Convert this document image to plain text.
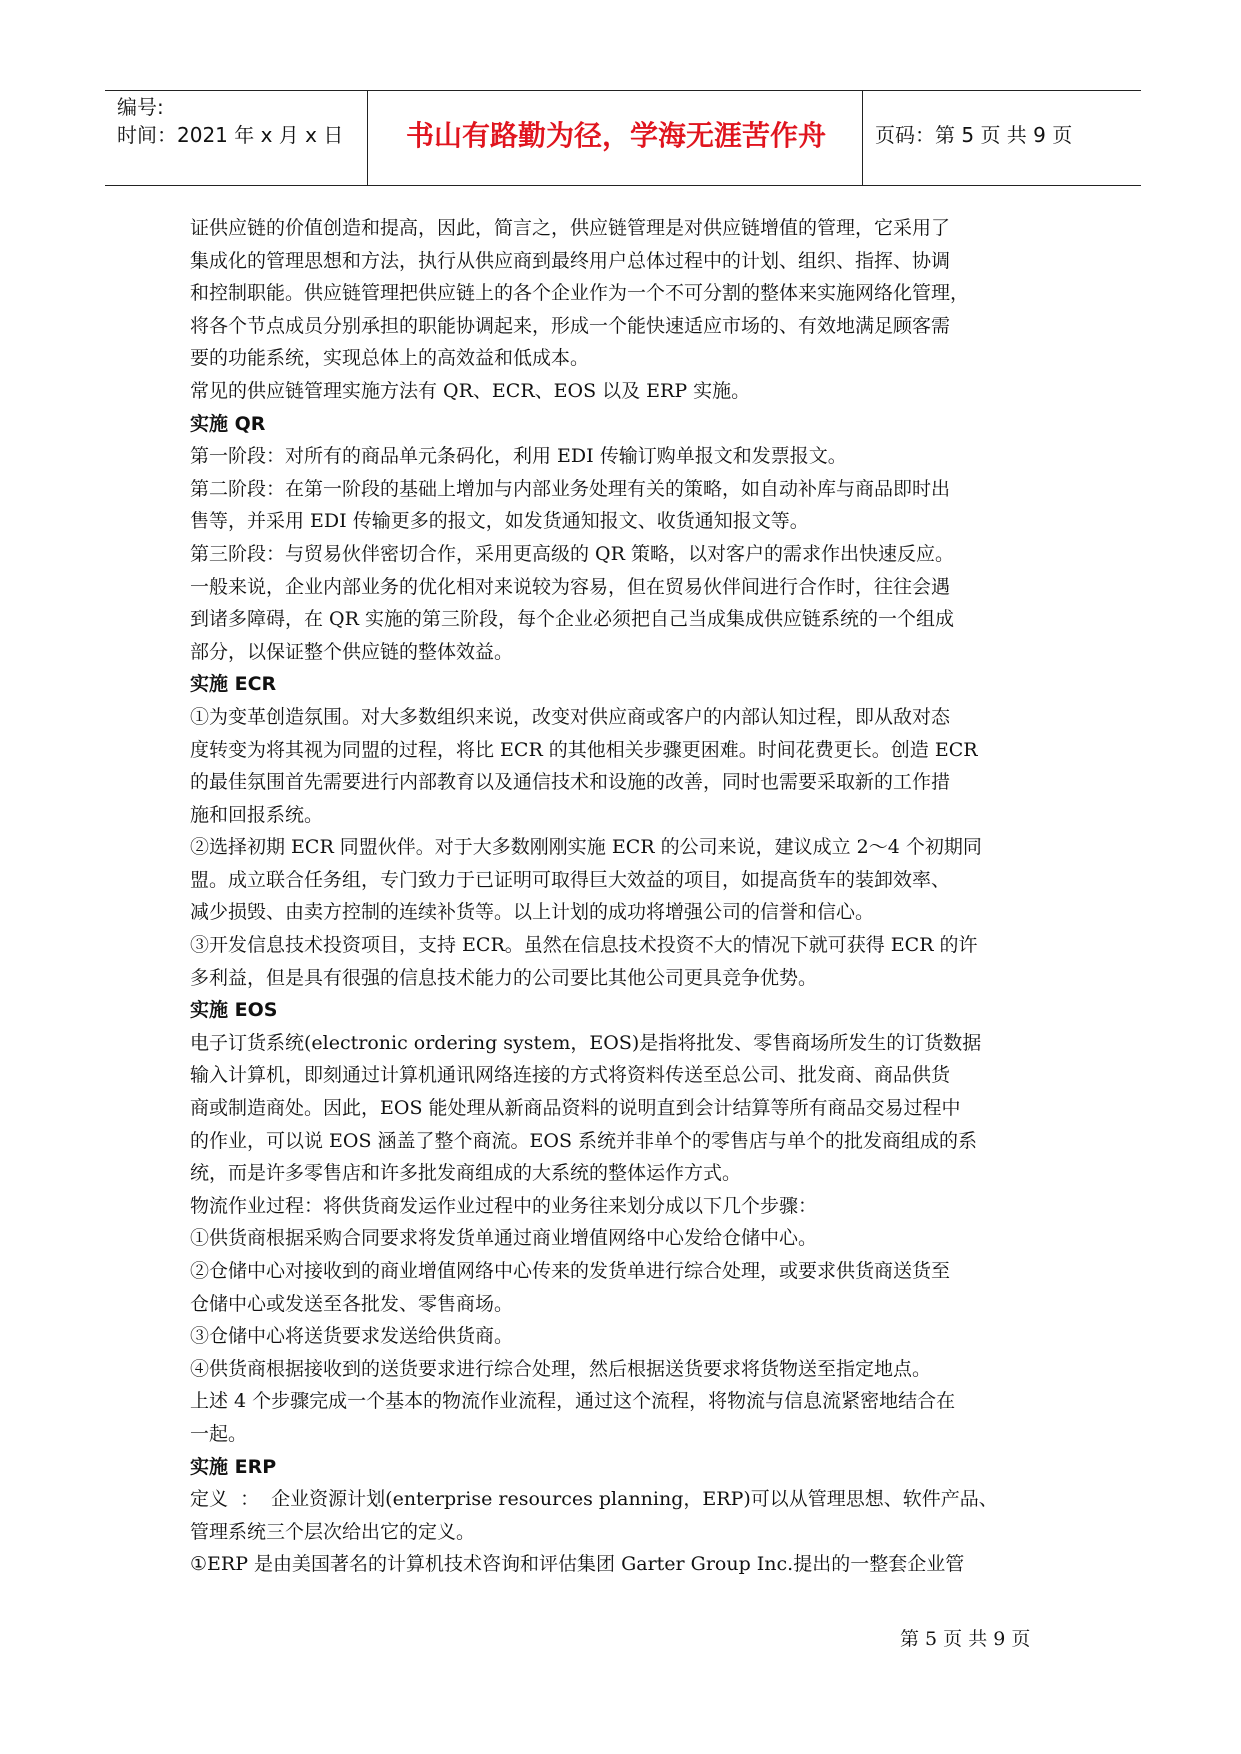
编号:
时间：2021 年 x 月 x 日	书山有路勤为径，学海无涯苦作舟	页码：第 5 页 共 9 页

证供应链的价值创造和提高，因此，简言之，供应链管理是对供应链增值的管理，它采用了

集成化的管理思想和方法，执行从供应商到最终用户总体过程中的计划、组织、指挥、协调

和控制职能。供应链管理把供应链上的各个企业作为一个不可分割的整体来实施网络化管理，

将各个节点成员分别承担的职能协调起来，形成一个能快速适应市场的、有效地满足顾客需

要的功能系统，实现总体上的高效益和低成本。

常见的供应链管理实施方法有 QR、ECR、EOS 以及 ERP 实施。

实施 QR

第一阶段：对所有的商品单元条码化，利用 EDI 传输订购单报文和发票报文。

第二阶段：在第一阶段的基础上增加与内部业务处理有关的策略，如自动补库与商品即时出

售等，并采用 EDI 传输更多的报文，如发货通知报文、收货通知报文等。

第三阶段：与贸易伙伴密切合作，采用更高级的 QR 策略，以对客户的需求作出快速反应。

一般来说，企业内部业务的优化相对来说较为容易，但在贸易伙伴间进行合作时，往往会遇

到诸多障碍，在 QR 实施的第三阶段，每个企业必须把自己当成集成供应链系统的一个组成

部分，以保证整个供应链的整体效益。

实施 ECR

①为变革创造氛围。对大多数组织来说，改变对供应商或客户的内部认知过程，即从敌对态

度转变为将其视为同盟的过程，将比 ECR 的其他相关步骤更困难。时间花费更长。创造 ECR

的最佳氛围首先需要进行内部教育以及通信技术和设施的改善，同时也需要采取新的工作措

施和回报系统。

②选择初期 ECR 同盟伙伴。对于大多数刚刚实施 ECR 的公司来说，建议成立 2～4 个初期同

盟。成立联合任务组，专门致力于已证明可取得巨大效益的项目，如提高货车的装卸效率、

减少损毁、由卖方控制的连续补货等。以上计划的成功将增强公司的信誉和信心。

③开发信息技术投资项目，支持 ECR。虽然在信息技术投资不大的情况下就可获得 ECR 的许

多利益，但是具有很强的信息技术能力的公司要比其他公司更具竞争优势。

实施 EOS

电子订货系统(electronic ordering system，EOS)是指将批发、零售商场所发生的订货数据

输入计算机，即刻通过计算机通讯网络连接的方式将资料传送至总公司、批发商、商品供货

商或制造商处。因此，EOS 能处理从新商品资料的说明直到会计结算等所有商品交易过程中

的作业，可以说 EOS 涵盖了整个商流。EOS 系统并非单个的零售店与单个的批发商组成的系

统，而是许多零售店和许多批发商组成的大系统的整体运作方式。

物流作业过程：将供货商发运作业过程中的业务往来划分成以下几个步骤：

①供货商根据采购合同要求将发货单通过商业增值网络中心发给仓储中心。

②仓储中心对接收到的商业增值网络中心传来的发货单进行综合处理，或要求供货商送货至

仓储中心或发送至各批发、零售商场。

③仓储中心将送货要求发送给供货商。

④供货商根据接收到的送货要求进行综合处理，然后根据送货要求将货物送至指定地点。

上述 4 个步骤完成一个基本的物流作业流程，通过这个流程，将物流与信息流紧密地结合在

一起。

实施 ERP

定义  ：  企业资源计划(enterprise resources planning，ERP)可以从管理思想、软件产品、

管理系统三个层次给出它的定义。

①ERP 是由美国著名的计算机技术咨询和评估集团 Garter Group Inc.提出的一整套企业管

第 5 页 共 9 页
